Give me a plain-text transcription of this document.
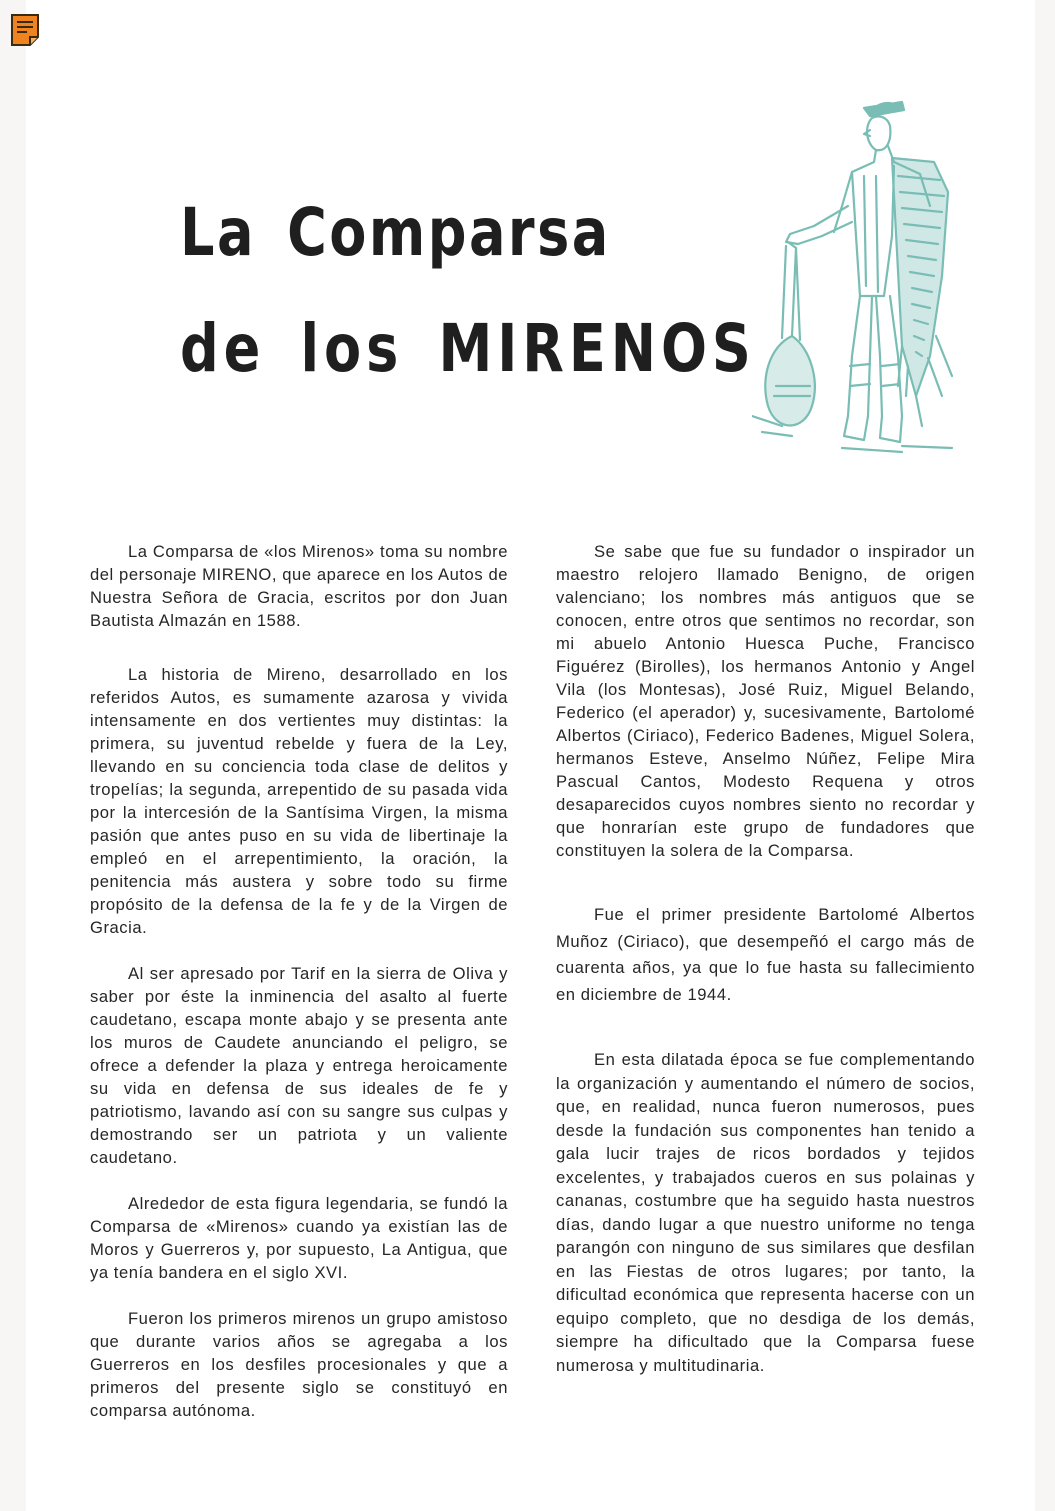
La Comparsa
de los MIRENOS

La Comparsa de «los Mirenos» toma su nombre del personaje MIRENO, que aparece en los Autos de Nuestra Señora de Gracia, escritos por don Juan Bautista Almazán en 1588.

La historia de Mireno, desarrollado en los referidos Autos, es sumamente azarosa y vivida intensamente en dos vertientes muy distintas: la primera, su juventud rebelde y fuera de la Ley, llevando en su conciencia toda clase de delitos y tropelías; la segunda, arrepentido de su pasada vida por la intercesión de la Santísima Virgen, la misma pasión que antes puso en su vida de libertinaje la empleó en el arrepentimiento, la oración, la penitencia más austera y sobre todo su firme propósito de la defensa de la fe y de la Virgen de Gracia.

Al ser apresado por Tarif en la sierra de Oliva y saber por éste la inminencia del asalto al fuerte caudetano, escapa monte abajo y se presenta ante los muros de Caudete anunciando el peligro, se ofrece a defender la plaza y entrega heroicamente su vida en defensa de sus ideales de fe y patriotismo, lavando así con su sangre sus culpas y demostrando ser un patriota y un valiente caudetano.

Alrededor de esta figura legendaria, se fundó la Comparsa de «Mirenos» cuando ya existían las de Moros y Guerreros y, por supuesto, La Antigua, que ya tenía bandera en el siglo XVI.

Fueron los primeros mirenos un grupo amistoso que durante varios años se agregaba a los Guerreros en los desfiles procesionales y que a primeros del presente siglo se constituyó en comparsa autónoma.

Se sabe que fue su fundador o inspirador un maestro relojero llamado Benigno, de origen valenciano; los nombres más antiguos que se conocen, entre otros que sentimos no recordar, son mi abuelo Antonio Huesca Puche, Francisco Figuérez (Birolles), los hermanos Antonio y Angel Vila (los Montesas), José Ruiz, Miguel Belando, Federico (el aperador) y, sucesivamente, Bartolomé Albertos (Ciriaco), Federico Badenes, Miguel Solera, hermanos Esteve, Anselmo Núñez, Felipe Mira Pascual Cantos, Modesto Requena y otros desaparecidos cuyos nombres siento no recordar y que honrarían este grupo de fundadores que constituyen la solera de la Comparsa.

Fue el primer presidente Bartolomé Albertos Muñoz (Ciriaco), que desempeñó el cargo más de cuarenta años, ya que lo fue hasta su fallecimiento en diciembre de 1944.

En esta dilatada época se fue complementando la organización y aumentando el número de socios, que, en realidad, nunca fueron numerosos, pues desde la fundación sus componentes han tenido a gala lucir trajes de ricos bordados y tejidos excelentes, y trabajados cueros en sus polainas y cananas, costumbre que ha seguido hasta nuestros días, dando lugar a que nuestro uniforme no tenga parangón con ninguno de sus similares que desfilan en las Fiestas de otros lugares; por tanto, la dificultad económica que representa hacerse con un equipo completo, que no desdiga de los demás, siempre ha dificultado que la Comparsa fuese numerosa y multitudinaria.
